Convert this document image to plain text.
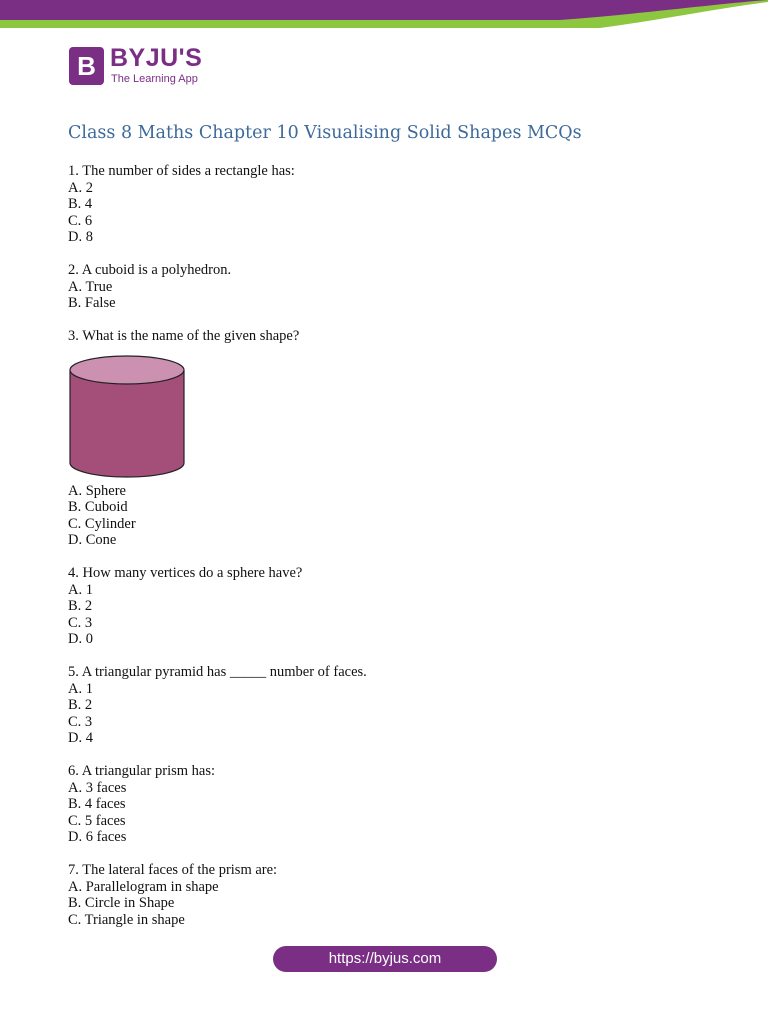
B BYJU'S
The Learning App
Class 8 Maths Chapter 10 Visualising Solid Shapes MCQs
1. The number of sides a rectangle has:
A. 2
B. 4
C. 6
D. 8
2. A cuboid is a polyhedron.
A. True
B. False
3. What is the name of the given shape?
A. Sphere
B. Cuboid
C. Cylinder
D. Cone
4. How many vertices do a sphere have?
A. 1
B. 2
C. 3
D. 0
5. A triangular pyramid has _____ number of faces.
A. 1
B. 2
C. 3
D. 4
6. A triangular prism has:
A. 3 faces
B. 4 faces
C. 5 faces
D. 6 faces
7. The lateral faces of the prism are:
A. Parallelogram in shape
B. Circle in Shape
C. Triangle in shape
https://byjus.com
